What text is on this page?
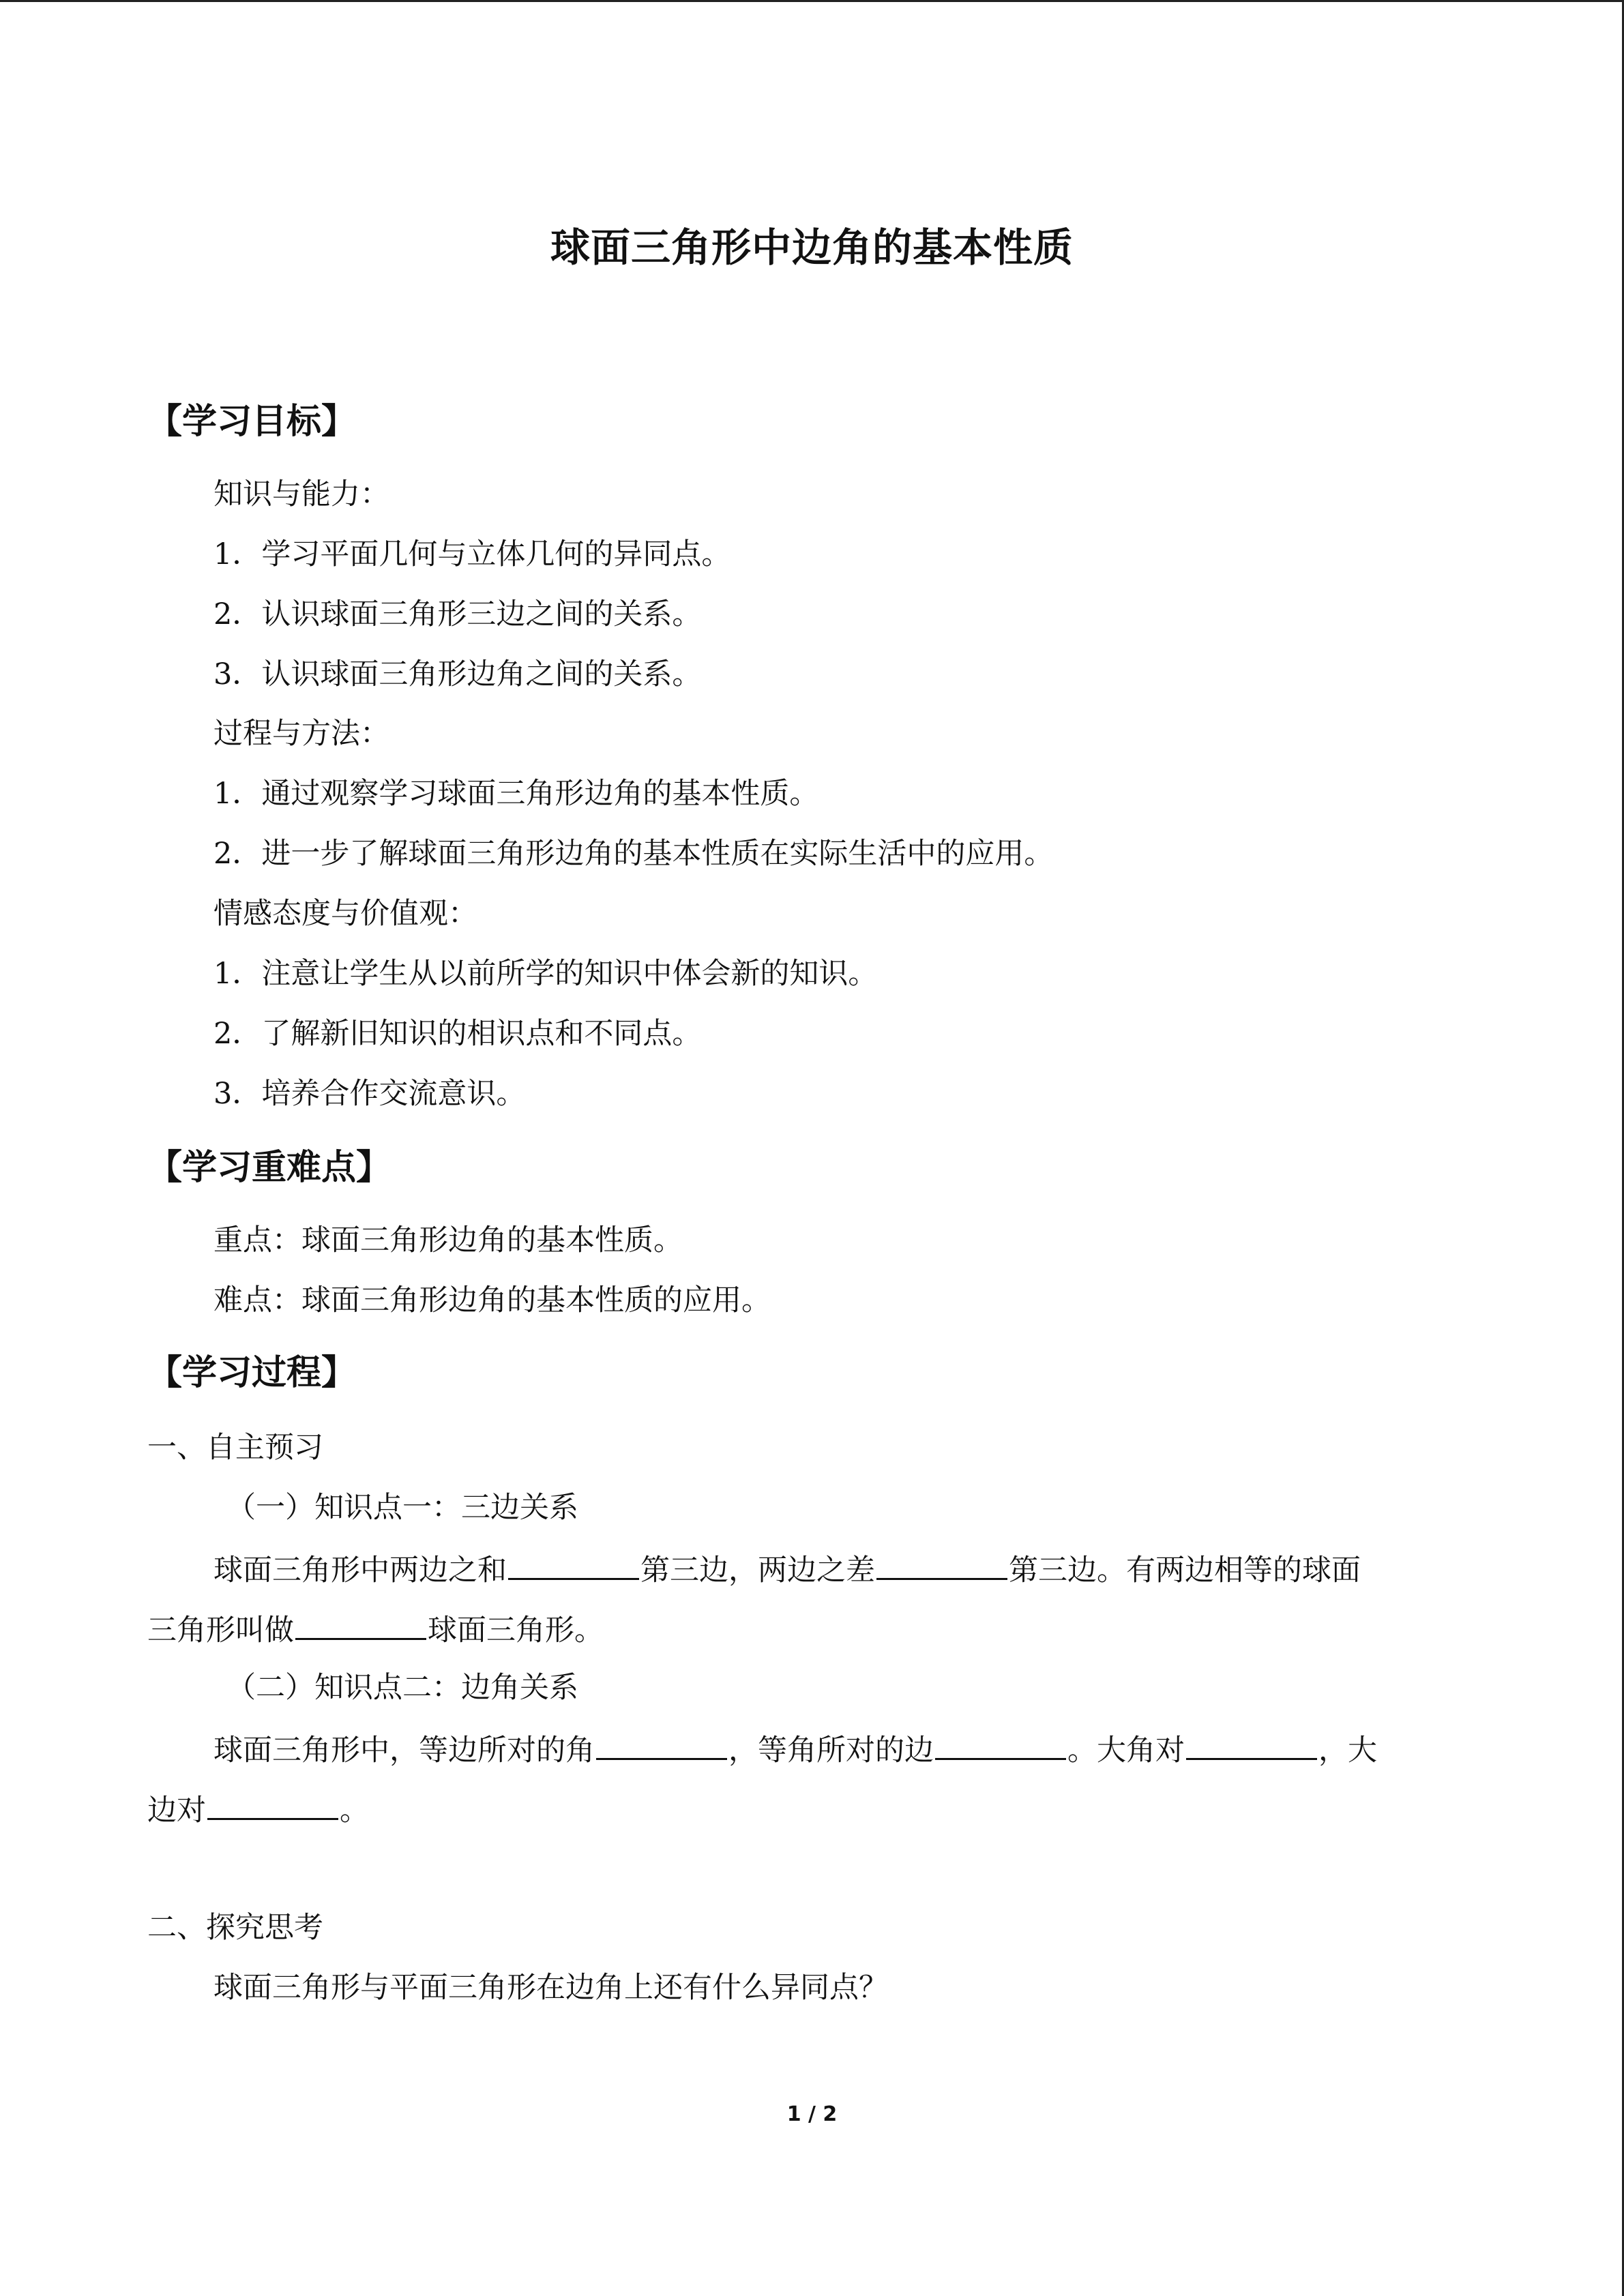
球面三角形中边角的基本性质
【学习目标】
知识与能力：
1．学习平面几何与立体几何的异同点。
2．认识球面三角形三边之间的关系。
3．认识球面三角形边角之间的关系。
过程与方法：
1．通过观察学习球面三角形边角的基本性质。
2．进一步了解球面三角形边角的基本性质在实际生活中的应用。
情感态度与价值观：
1．注意让学生从以前所学的知识中体会新的知识。
2．了解新旧知识的相识点和不同点。
3．培养合作交流意识。
【学习重难点】
重点：球面三角形边角的基本性质。
难点：球面三角形边角的基本性质的应用。
【学习过程】
一、自主预习
（一）知识点一：三边关系
球面三角形中两边之和	第三边，两边之差	第三边。有两边相等的球面
三角形叫做	球面三角形。
（二）知识点二：边角关系
球面三角形中，等边所对的角	，等角所对的边	。大角对	，大
边对	。
二、探究思考
球面三角形与平面三角形在边角上还有什么异同点？
1 / 2
